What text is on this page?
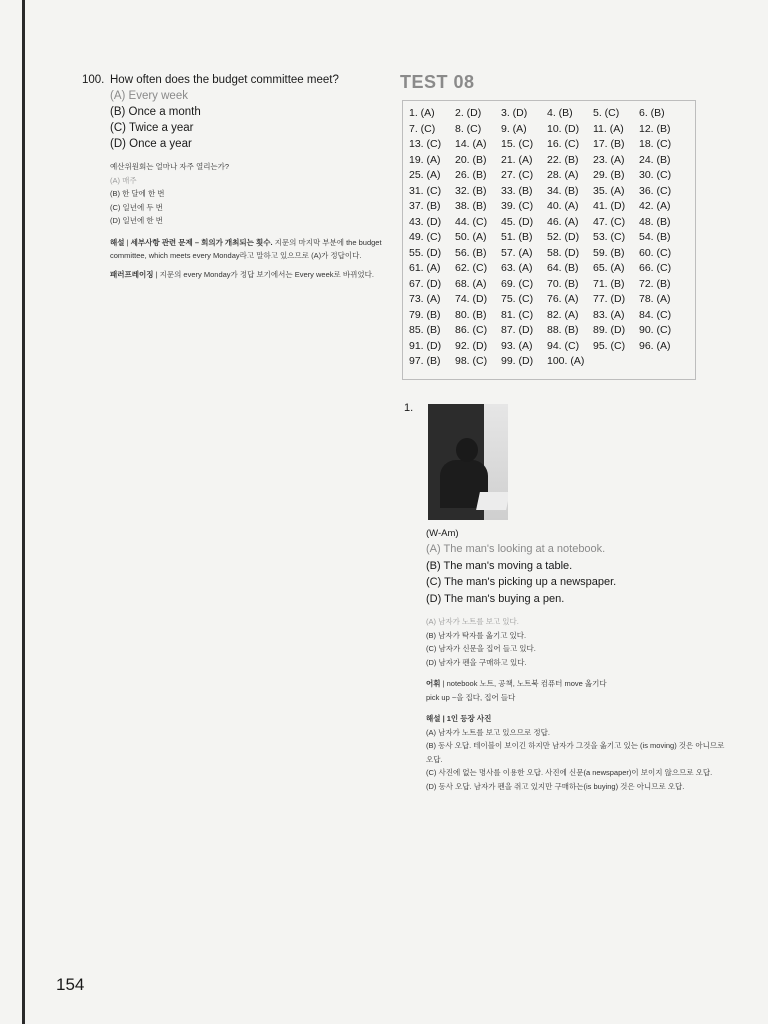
100. How often does the budget committee meet?
(A) Every week
(B) Once a month
(C) Twice a year
(D) Once a year
예산위원회는 얼마나 자주 열리는가?
(A) 매주
(B) 한 달에 한 번
(C) 일년에 두 번
(D) 일년에 한 번
해설 | 세부사항 관련 문제 – 회의가 개최되는 횟수. 지문의 마지막 부분에 the budget committee, which meets every Monday라고 말하고 있으므로 (A)가 정답이다.
패러프레이징 | 지문의 every Monday가 정답 보기에서는 Every week로 바뀌었다.
TEST 08
1. (A)	2. (D)	3. (D)	4. (B)	5. (C)	6. (B)
7. (C)	8. (C)	9. (A)	10. (D)	11. (A)	12. (B)
13. (C)	14. (A)	15. (C)	16. (C)	17. (B)	18. (C)
19. (A)	20. (B)	21. (A)	22. (B)	23. (A)	24. (B)
25. (A)	26. (B)	27. (C)	28. (A)	29. (B)	30. (C)
31. (C)	32. (B)	33. (B)	34. (B)	35. (A)	36. (C)
37. (B)	38. (B)	39. (C)	40. (A)	41. (D)	42. (A)
43. (D)	44. (C)	45. (D)	46. (A)	47. (C)	48. (B)
49. (C)	50. (A)	51. (B)	52. (D)	53. (C)	54. (B)
55. (D)	56. (B)	57. (A)	58. (D)	59. (B)	60. (C)
61. (A)	62. (C)	63. (A)	64. (B)	65. (A)	66. (C)
67. (D)	68. (A)	69. (C)	70. (B)	71. (B)	72. (B)
73. (A)	74. (D)	75. (C)	76. (A)	77. (D)	78. (A)
79. (B)	80. (B)	81. (C)	82. (A)	83. (A)	84. (C)
85. (B)	86. (C)	87. (D)	88. (B)	89. (D)	90. (C)
91. (D)	92. (D)	93. (A)	94. (C)	95. (C)	96. (A)
97. (B)	98. (C)	99. (D)	100. (A)
1.
(W-Am)
(A) The man's looking at a notebook.
(B) The man's moving a table.
(C) The man's picking up a newspaper.
(D) The man's buying a pen.
(A) 남자가 노트를 보고 있다.
(B) 남자가 탁자를 옮기고 있다.
(C) 남자가 신문을 집어 들고 있다.
(D) 남자가 펜을 구매하고 있다.
어휘 | notebook 노트, 공책, 노트북 컴퓨터 move 옮기다
pick up ~을 집다, 집어 들다
해설 | 1인 등장 사진
(A) 남자가 노트를 보고 있으므로 정답.
(B) 동사 오답. 테이블이 보이긴 하지만 남자가 그것을 옮기고 있는 (is moving) 것은 아니므로 오답.
(C) 사진에 없는 명사를 이용한 오답. 사진에 신문(a newspaper)이 보이지 않으므로 오답.
(D) 동사 오답. 남자가 펜을 쥐고 있지만 구매하는(is buying) 것은 아니므로 오답.
154
